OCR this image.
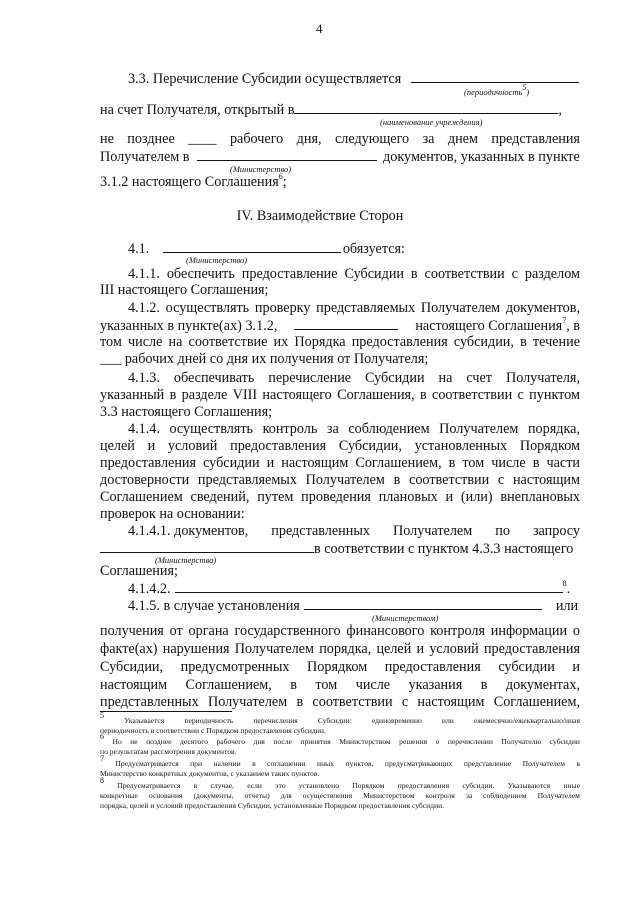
4
3.3. Перечисление Субсидии осуществляется
(периодичность$^5$)
на счет Получателя, открытый в	,
(наименование учреждения)
не позднее ____ рабочего дня, следующего за днем представления
Получателем в	документов, указанных в пункте
(Министерство)
3.1.2 настоящего Соглашения$^6$;
IV. Взаимодействие Сторон
4.1.	обязуется:
(Министерство)
4.1.1. обеспечить предоставление Субсидии в соответствии с разделом
III настоящего Соглашения;
4.1.2. осуществлять проверку представляемых Получателем документов,
указанных в пункте(ах) 3.1.2,	настоящего Соглашения$^7$, в
том числе на соответствие их Порядка предоставления субсидии, в течение
___ рабочих дней со дня их получения от Получателя;
4.1.3. обеспечивать перечисление Субсидии на счет Получателя,
указанный в разделе VIII настоящего Соглашения, в соответствии с пунктом
3.3 настоящего Соглашения;
4.1.4. осуществлять контроль за соблюдением Получателем порядка,
целей и условий предоставления Субсидии, установленных Порядком
предоставления субсидии и настоящим Соглашением, в том числе в части
достоверности представляемых Получателем в соответствии с настоящим
Соглашением сведений, путем проведения плановых и (или) внеплановых
проверок на основании:
4.1.4.1. документов, представленных Получателем по запросу
в соответствии с пунктом 4.3.3 настоящего
(Министерства)
Соглашения;
4.1.4.2.	$^8$.
4.1.5. в случае установления	или
(Министерством)
получения от органа государственного финансового контроля информации о
факте(ах) нарушения Получателем порядка, целей и условий предоставления
Субсидии, предусмотренных Порядком предоставления субсидии и
настоящим Соглашением, в том числе указания в документах,
представленных Получателем в соответствии с настоящим Соглашением,
$^5$ Указывается периодичность перечисления Субсидии: единовременно или ежемесячно/ежеквартально/иная
периодичность в соответствии с Порядком предоставления субсидии.
$^6$ Но не позднее десятого рабочего дня после принятия Министерством решения о перечислении Получателю субсидии
по результатам рассмотрения документов.
$^7$ Предусматривается при наличии в соглашении иных пунктов, предусматривающих представление Получателем в
Министерство конкретных документов, с указанием таких пунктов.
$^8$ Предусматривается в случае, если это установлено Порядком предоставления субсидии. Указываются иные
конкретные основания (документы, отчеты) для осуществления Министерством контроля за соблюдением Получателем
порядка, целей и условий предоставления Субсидии, установленные Порядком предоставления субсидии.
